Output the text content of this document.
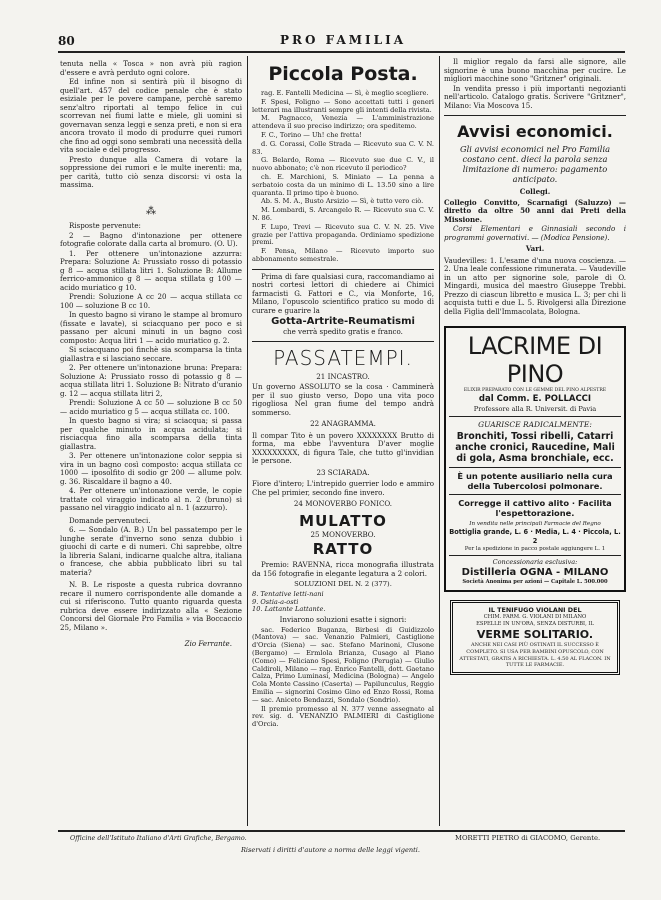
80	PRO FAMILIA

tenuta nella « Tosca » non avrà più ragion d'essere e avrà perduto ogni colore.

Ed infine non si sentirà più il bisogno di quell'art. 457 del codice penale che è stato esiziale per le povere campane, perchè saremo senz'altro riportati al tempo felice in cui scorrevan nei fiumi latte e miele, gli uomini si governavan senza leggi e senza preti, e non si era ancora trovato il modo di produrre quei rumori che fino ad oggi sono sembrati una necessità della vita sociale e del progresso.

Presto dunque alla Camera di votare la soppressione dei rumori e le multe inerenti: ma, per carità, tutto ciò senza discorsi: vi osta la massima.

⁂

Risposte pervenute:

2 — Bagno d'intonazione per ottenere fotografie colorate dalla carta al bromuro. (O. U).

1. Per ottenere un'intonazione azzurra: Prepara: Soluzione A: Prussiato rosso di potassio g 8 — acqua stillata litri 1. Soluzione B: Allume ferrico-ammonico g 8 — acqua stillata g 100 — acido muriatico g 10.

Prendi: Soluzione A cc 20 — acqua stillata cc 100 — soluzione B cc 10.

In questo bagno si virano le stampe al bromuro (fissate e lavate), si sciacquano per poco e si passano per alcuni minuti in un bagno così composto: Acqua litri 1 — acido muriatico g. 2.

Si sciacquano poi finchè sia scomparsa la tinta giallastra e si lasciano seccare.

2. Per ottenere un'intonazione bruna: Prepara: Soluzione A: Prussiato rosso di potassio g 8 — acqua stillata litri 1. Soluzione B: Nitrato d'uranio g. 12 — acqua stillata litri 2,

Prendi: Soluzione A cc 50 — soluzione B cc 50 — acido muriatico g 5 — acqua stillata cc. 100.

In questo bagno si vira; si sciacqua; si passa per qualche minuto in acqua acidulata; si risciacqua fino alla scomparsa della tinta giallastra.

3. Per ottenere un'intonazione color seppia si vira in un bagno così composto: acqua stillata cc 1000 — iposolfito di sodio gr 200 — allume polv. g. 36. Riscaldare il bagno a 40.

4. Per ottenere un'intonazione verde, le copie trattate col viraggio indicato al n. 2 (bruno) si passano nel viraggio indicato al n. 1 (azzurro).

Domande pervenuteci.

6. — Sondalo (A. B.) Un bel passatempo per le lunghe serate d'inverno sono senza dubbio i giuochi di carte e di numeri. Chi saprebbe, oltre la libreria Salani, indicarne qualche altra, italiana o francese, che abbia pubblicato libri su tal materia?

N. B. Le risposte a questa rubrica dovranno recare il numero corrispondente alle domande a cui si riferiscono. Tutto quanto riguarda questa rubrica deve essere indirizzato alla « Sezione Concorsi del Giornale Pro Familia » via Boccaccio 25, Milano ».

Zio Ferrante.
Piccola Posta.

rag. E. Fantelli Medicina — Sì, è meglio scegliere.

F. Spesi, Foligno — Sono accettati tutti i generi letterari ma illustranti sempre gli intenti della rivista.

M. Pagnacco, Venezia — L'amministrazione attendeva il suo preciso indirizzo; ora speditemo.

F. C., Torino — Uh! che fretta!

d. G. Corassi, Colle Strada — Ricevuto sua C. V. N. 83.

G. Belardo, Roma — Ricevuto sue due C. V., il nuovo abbonato; c'è non ricevuto il periodico?

ch. E. Marchioni, S. Miniato — La penna a serbatoio costa da un minimo di L. 13.50 sino a lire quaranta. Il primo tipo è buono.

Ab. S. M. A., Busto Arsizio — Sì, è tutto vero ciò.

M. Lombardi, S. Arcangelo R. — Ricevuto sua C. V. N. 86.

F. Lupo, Trevi — Ricevuto sua C. V. N. 25. Vive grazie per l'attiva propaganda. Ordiniamo spedizione premi.

F. Pensa, Milano — Ricevuto importo suo abbonamento semestrale.

Prima di fare qualsiasi cura, raccomandiamo ai nostri cortesi lettori di chiedere ai Chimici farmacisti G. Fattori e C., via Monforte, 16, Milano, l'opuscolo scientifico pratico su modo di curare e guarire la

Gotta-Artrite-Reumatismi
che verrà spedito gratis e franco.
PASSATEMPI.
21 INCASTRO.

Un governo ASSOLUTO se la cosa · Camminerà per il suo giusto verso, Dopo una vita poco rigogliosa Nel gran fiume del tempo andrà sommerso.

22 ANAGRAMMA.

Il compar Tito è un povero XXXXXXXX Brutto di forma, ma ebbe l'avventura D'aver moglie XXXXXXXXX, di figura Tale, che tutto gl'invidian le persone.

23 SCIARADA.

Fiore d'intero; L'intrepido guerrier lodo e ammiro Che pel primier, secondo fine invero.

24 MONOVERBO FONICO.
MULATTO
25 MONOVERBO.
RATTO

Premio: RAVENNA, ricca monografia illustrata da 156 fotografie in elegante legatura a 2 colori.

SOLUZIONI DEL N. 2 (377).
8. Tentative letti-nani
9. Ostia-a-osti
10. Lattante Lattante.
Inviarono soluzioni esatte i signori:

sac. Federico Buganza, Birbesi di Guidizzolo (Mantova) — sac. Venanzio Palmieri, Castiglione d'Orcia (Siena) — sac. Stefano Marinoni, Clusone (Bergamo) — Ermlola Brianza, Cusago al Piano (Como) — Feliciano Spesi, Foligno (Perugia) — Giulio Caldiroli, Milano — rag. Enrico Fantelli, dott. Gaetano Calza, Primo Luminasi, Medicina (Bologna) — Angelo Cola Monte Cassino (Caserta) — Papilunculus, Reggio Emilia — signorini Cosimo Gino ed Enzo Rossi, Roma — sac. Aniceto Bendazzi, Sondalo (Sondrio).

Il premio promesso al N. 377 venne assegnato al rev. sig. d. VENANZIO PALMIERI di Castiglione d'Orcia.

Il miglior regalo da farsi alle signore, alle signorine è una buono macchina per cucire. Le migliori macchine sono "Gritzner" originali.

In vendita presso i più importanti negozianti nell'articolo. Catalogo gratis. Scrivere "Gritzner", Milano: Via Moscova 15.

Avvisi economici.
Gli avvisi economici nel Pro Familia costano cent. dieci la parola senza limitazione di numero: pagamento anticipato.
Collegi.

Collegio Convitto, Scarnafigi (Saluzzo) — diretto da oltre 50 anni dai Preti della Missione.

Corsi Elementari e Ginnasiali secondo i programmi governativi. — (Modica Pensione).

Vari.

Vaudevilles: 1. L'esame d'una nuova coscienza. — 2. Una leale confessione rimunerata. — Vaudeville in un atto per signorine sole, parole di O. Mingardi, musica del maestro Giuseppe Trebbi. Prezzo di ciascun libretto e musica L. 3; per chi li acquista tutti e due L. 5. Rivolgersi alla Direzione della Figlia dell'Immacolata, Bologna.

LACRIME DI PINO
ELIXIR PREPARATO CON LE GEMME DEL PINO ALPESTRE
dal Comm. E. POLLACCI
Professore alla R. Universit. di Pavia
GUARISCE RADICALMENTE:
Bronchiti, Tossi ribelli, Catarri anche cronici, Raucedine, Mali di gola, Asma bronchiale, ecc.
È un potente ausiliario nella cura della Tubercolosi polmonare.
Corregge il cattivo alito · Facilita l'espettorazione.
In vendita nelle principali Farmacie del Regno
Bottiglia grande, L. 6 · Media, L. 4 · Piccola, L. 2
Per la spedizione in pacco postale aggiungere L. 1
Concessionaria esclusiva:
Distilleria OGNA - MILANO
Società Anonima per azioni — Capitale L. 500.000
IL TENIFUGO VIOLANI DEL
CHIM. FARM. G. VIOLANI DI MILANO
ESPELLE IN UN'ORA, SENZA DISTURBI, IL
VERME SOLITARIO.
ANCHE NEI CASI PIÙ OSTINATI IL SUCCESSO È COMPLETO. SI USA PER BAMBINI OPUSCOLO, CON ATTESTATI, GRATIS A RICHIESTA. L. 4.50 AL FLACON. IN TUTTE LE FARMACIE.
Officine dell'Istituto Italiano d'Arti Grafiche, Bergamo.	MORETTI PIETRO di GIACOMO, Gerente.
Riservati i diritti d'autore a norma delle leggi vigenti.
